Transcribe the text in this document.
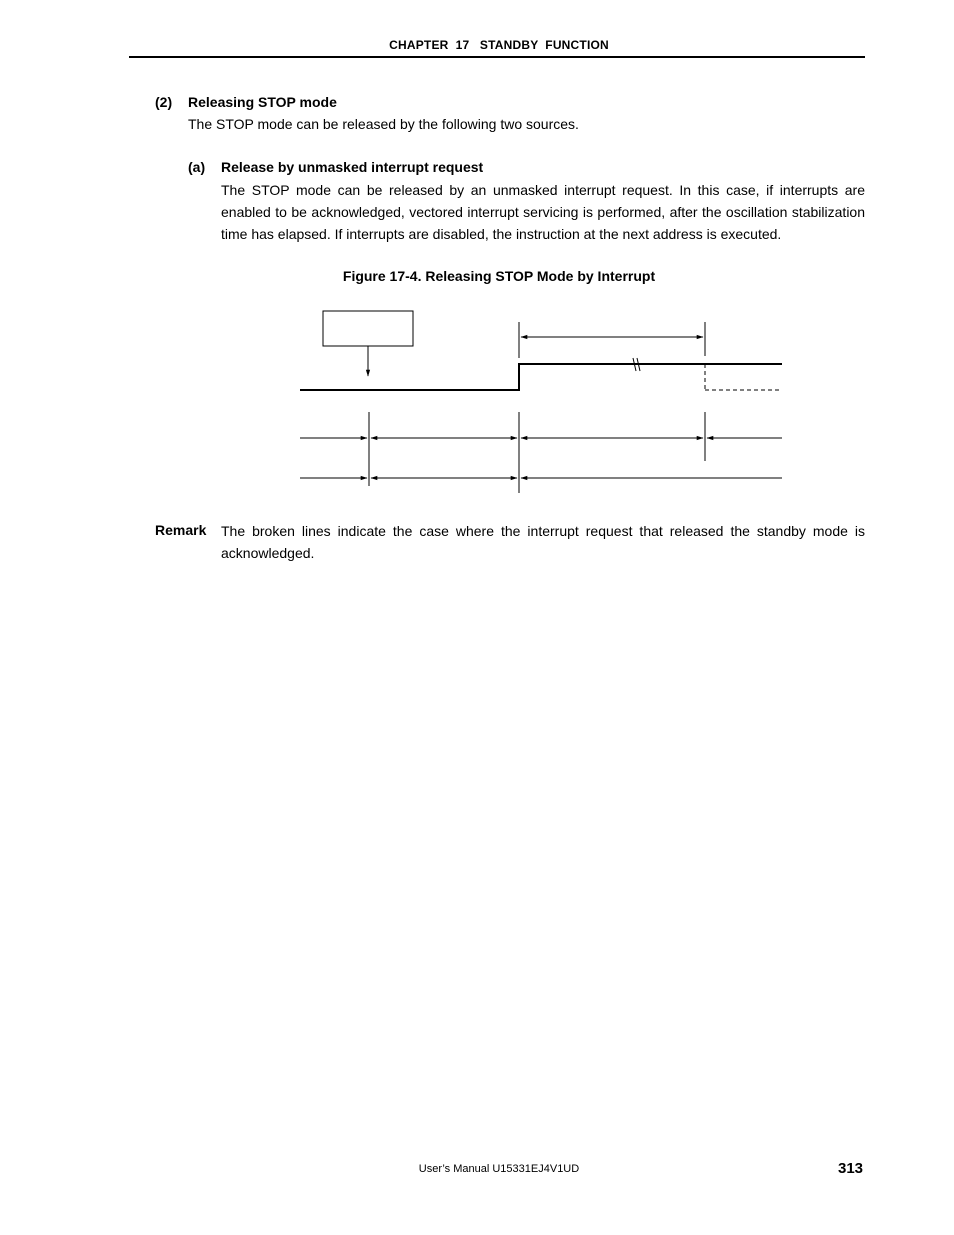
CHAPTER  17   STANDBY  FUNCTION
(2) Releasing STOP mode
The STOP mode can be released by the following two sources.
(a) Release by unmasked interrupt request
The STOP mode can be released by an unmasked interrupt request. In this case, if interrupts are enabled to be acknowledged, vectored interrupt servicing is performed, after the oscillation stabilization time has elapsed. If interrupts are disabled, the instruction at the next address is executed.
Figure 17-4. Releasing STOP Mode by Interrupt
Remark The broken lines indicate the case where the interrupt request that released the standby mode is acknowledged.
User’s Manual U15331EJ4V1UD	313
